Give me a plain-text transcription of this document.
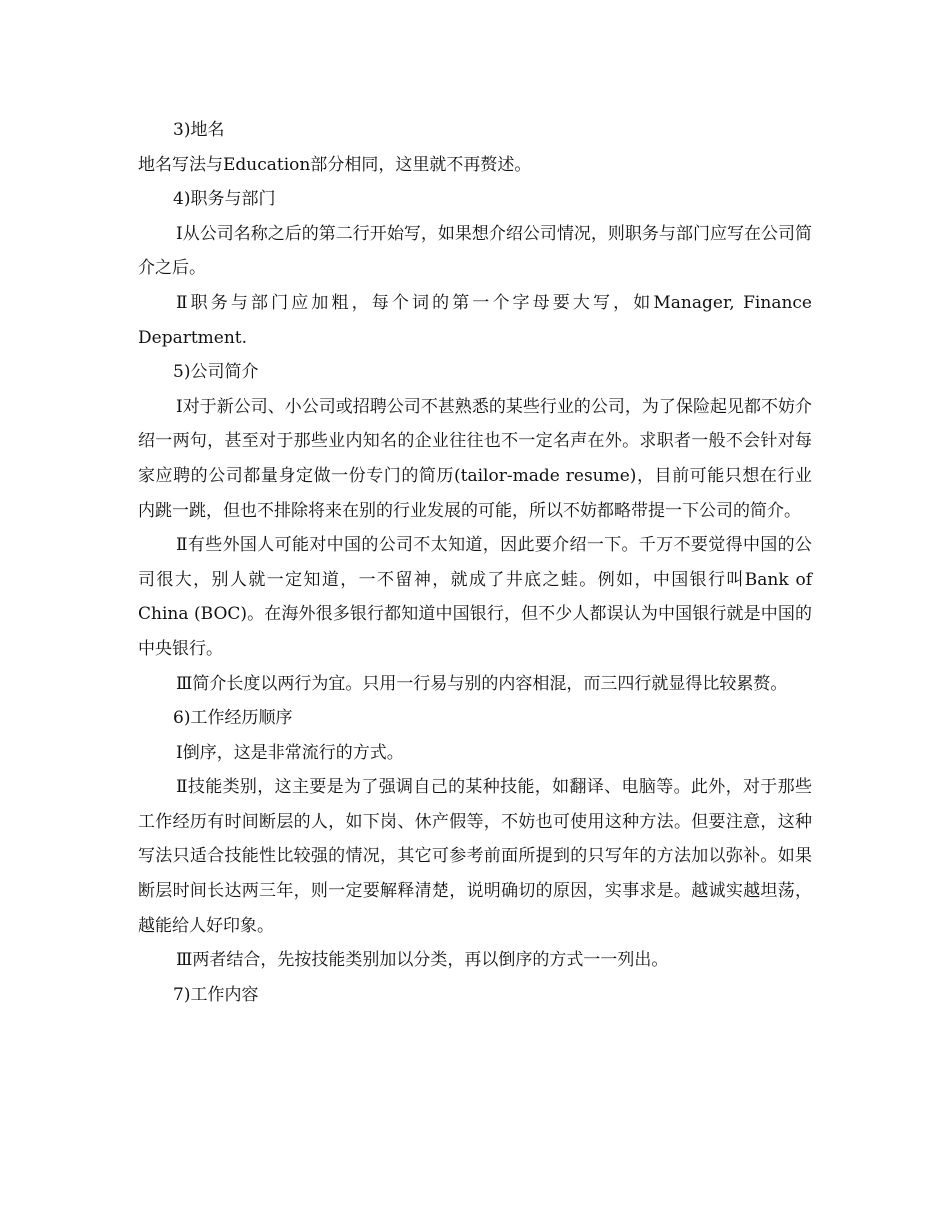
3)地名

地名写法与Education部分相同，这里就不再赘述。

4)职务与部门

Ⅰ从公司名称之后的第二行开始写，如果想介绍公司情况，则职务与部门应写在公司简介之后。

Ⅱ职务与部门应加粗，每个词的第一个字母要大写，如Manager, Finance Department.

5)公司简介

Ⅰ对于新公司、小公司或招聘公司不甚熟悉的某些行业的公司，为了保险起见都不妨介绍一两句，甚至对于那些业内知名的企业往往也不一定名声在外。求职者一般不会针对每家应聘的公司都量身定做一份专门的简历(tailor-made resume)，目前可能只想在行业内跳一跳，但也不排除将来在别的行业发展的可能，所以不妨都略带提一下公司的简介。

Ⅱ有些外国人可能对中国的公司不太知道，因此要介绍一下。千万不要觉得中国的公司很大，别人就一定知道，一不留神，就成了井底之蛙。例如，中国银行叫Bank of China (BOC)。在海外很多银行都知道中国银行，但不少人都误认为中国银行就是中国的中央银行。

Ⅲ简介长度以两行为宜。只用一行易与别的内容相混，而三四行就显得比较累赘。

6)工作经历顺序

Ⅰ倒序，这是非常流行的方式。

Ⅱ技能类别，这主要是为了强调自己的某种技能，如翻译、电脑等。此外，对于那些工作经历有时间断层的人，如下岗、休产假等，不妨也可使用这种方法。但要注意，这种写法只适合技能性比较强的情况，其它可参考前面所提到的只写年的方法加以弥补。如果断层时间长达两三年，则一定要解释清楚，说明确切的原因，实事求是。越诚实越坦荡，越能给人好印象。

Ⅲ两者结合，先按技能类别加以分类，再以倒序的方式一一列出。

7)工作内容
